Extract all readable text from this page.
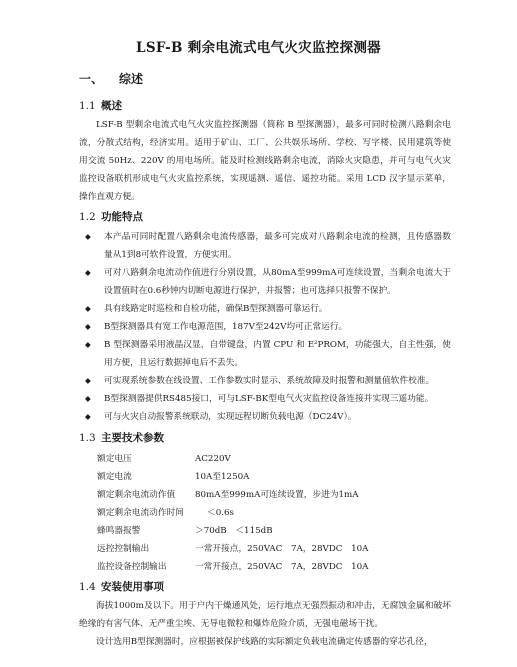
LSF-B 剩余电流式电气火灾监控探测器
一、 综述
1.1 概述

LSF-B 型剩余电流式电气火灾监控探测器（简称 B 型探测器），最多可同时检测八路剩余电流，分散式结构，经济实用。适用于矿山、工厂、公共娱乐场所、学校、写字楼、民用建筑等使用交流 50Hz、220V 的用电场所。能及时检测线路剩余电流，消除火灾隐患，并可与电气火灾监控设备联机形成电气火灾监控系统，实现遥测、遥信、遥控功能。采用 LCD 汉字显示菜单，操作直观方便。

1.2 功能特点
◆ 本产品可同时配置八路剩余电流传感器，最多可完成对八路剩余电流的检测，且传感器数量从1到8可软件设置，方便实用。
◆ 可对八路剩余电流动作值进行分别设置，从80mA至999mA可连续设置，当剩余电流大于设置值时在0.6秒钟内切断电源进行保护，并报警；也可选择只报警不保护。
◆ 具有线路定时巡检和自检功能，确保B型探测器可靠运行。
◆ B型探测器具有宽工作电源范围，187V至242V均可正常运行。
◆ B 型探测器采用液晶汉显，自带键盘，内置 CPU 和 E²PROM，功能强大，自主性强，使用方便，且运行数据掉电后不丢失。
◆ 可实现系统参数在线设置、工作参数实时显示、系统故障及时报警和测量值软件校准。
◆ B型探测器提供RS485接口，可与LSF-BK型电气火灾监控设备连接并实现三遥功能。
◆ 可与火灾自动报警系统联动，实现远程切断负载电源（DC24V）。
1.3 主要技术参数
额定电压	AC220V
额定电流	10A至1250A
额定剩余电流动作值 80mA至999mA可连续设置，步进为1mA
额定剩余电流动作时间	＜0.6s
蜂鸣器报警	＞70dB　＜115dB
远控控制输出	一常开接点，250VAC　7A，28VDC　10A
监控设备控制输出	一常开接点，250VAC　7A，28VDC　10A
1.4 安装使用事项

海拔1000m及以下。用于户内干燥通风处，运行地点无强烈振动和冲击，无腐蚀金属和破坏绝缘的有害气体、无严重尘埃、无导电微粒和爆炸危险介质，无强电磁场干扰。

设计选用B型探测器时，应根据被保护线路的实际额定负载电流确定传感器的穿芯孔径，
